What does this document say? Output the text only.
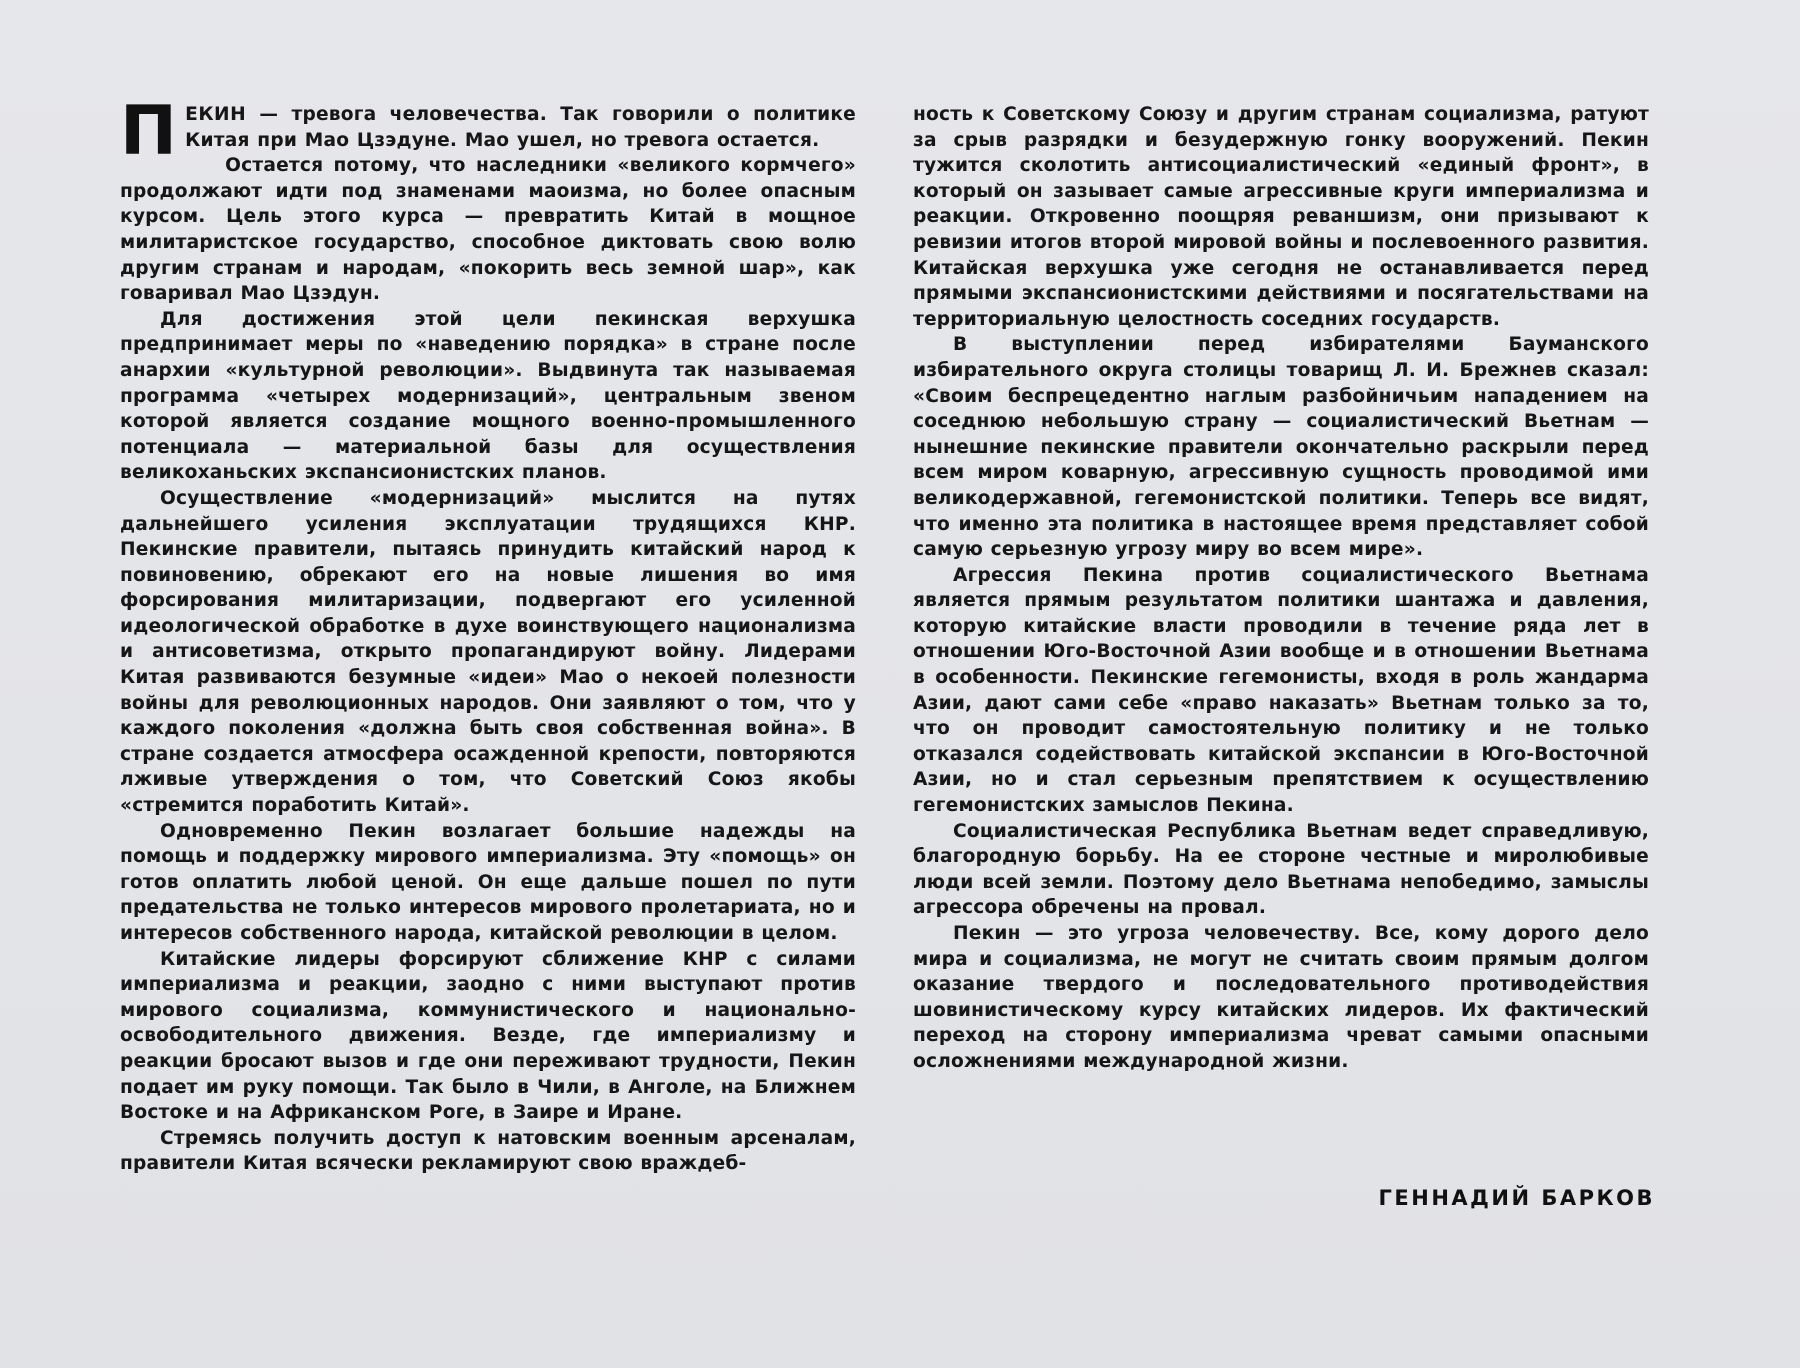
ПЕКИН — тревога человечества. Так говорили о политике Китая при Мао Цзэдуне. Мао ушел, но тревога остается.

Остается потому, что наследники «великого кормчего» продолжают идти под знаменами маоизма, но более опасным курсом. Цель этого курса — превратить Китай в мощное милитаристское государство, способное диктовать свою волю другим странам и народам, «покорить весь земной шар», как говаривал Мао Цзэдун.

Для достижения этой цели пекинская верхушка предпринимает меры по «наведению порядка» в стране после анархии «культурной революции». Выдвинута так называемая программа «четырех модернизаций», центральным звеном которой является создание мощного военно-промышленного потенциала — материальной базы для осуществления великоханьских экспансионистских планов.

Осуществление «модернизаций» мыслится на путях дальнейшего усиления эксплуатации трудящихся КНР. Пекинские правители, пытаясь принудить китайский народ к повиновению, обрекают его на новые лишения во имя форсирования милитаризации, подвергают его усиленной идеологической обработке в духе воинствующего национализма и антисоветизма, открыто пропагандируют войну. Лидерами Китая развиваются безумные «идеи» Мао о некоей полезности войны для революционных народов. Они заявляют о том, что у каждого поколения «должна быть своя собственная война». В стране создается атмосфера осажденной крепости, повторяются лживые утверждения о том, что Советский Союз якобы «стремится поработить Китай».

Одновременно Пекин возлагает большие надежды на помощь и поддержку мирового империализма. Эту «помощь» он готов оплатить любой ценой. Он еще дальше пошел по пути предательства не только интересов мирового пролетариата, но и интересов собственного народа, китайской революции в целом.

Китайские лидеры форсируют сближение КНР с силами империализма и реакции, заодно с ними выступают против мирового социализма, коммунистического и национально-освободительного движения. Везде, где империализму и реакции бросают вызов и где они переживают трудности, Пекин подает им руку помощи. Так было в Чили, в Анголе, на Ближнем Востоке и на Африканском Роге, в Заире и Иране.

Стремясь получить доступ к натовским военным арсеналам, правители Китая всячески рекламируют свою враждеб-

ность к Советскому Союзу и другим странам социализма, ратуют за срыв разрядки и безудержную гонку вооружений. Пекин тужится сколотить антисоциалистический «единый фронт», в который он зазывает самые агрессивные круги империализма и реакции. Откровенно поощряя реваншизм, они призывают к ревизии итогов второй мировой войны и послевоенного развития. Китайская верхушка уже сегодня не останавливается перед прямыми экспансионистскими действиями и посягательствами на территориальную целостность соседних государств.

В выступлении перед избирателями Бауманского избирательного округа столицы товарищ Л. И. Брежнев сказал: «Своим беспрецедентно наглым разбойничьим нападением на соседнюю небольшую страну — социалистический Вьетнам — нынешние пекинские правители окончательно раскрыли перед всем миром коварную, агрессивную сущность проводимой ими великодержавной, гегемонистской политики. Теперь все видят, что именно эта политика в настоящее время представляет собой самую серьезную угрозу миру во всем мире».

Агрессия Пекина против социалистического Вьетнама является прямым результатом политики шантажа и давления, которую китайские власти проводили в течение ряда лет в отношении Юго-Восточной Азии вообще и в отношении Вьетнама в особенности. Пекинские гегемонисты, входя в роль жандарма Азии, дают сами себе «право наказать» Вьетнам только за то, что он проводит самостоятельную политику и не только отказался содействовать китайской экспансии в Юго-Восточной Азии, но и стал серьезным препятствием к осуществлению гегемонистских замыслов Пекина.

Социалистическая Республика Вьетнам ведет справедливую, благородную борьбу. На ее стороне честные и миролюбивые люди всей земли. Поэтому дело Вьетнама непобедимо, замыслы агрессора обречены на провал.

Пекин — это угроза человечеству. Все, кому дорого дело мира и социализма, не могут не считать своим прямым долгом оказание твердого и последовательного противодействия шовинистическому курсу китайских лидеров. Их фактический переход на сторону империализма чреват самыми опасными осложнениями международной жизни.

ГЕННАДИЙ БАРКОВ
